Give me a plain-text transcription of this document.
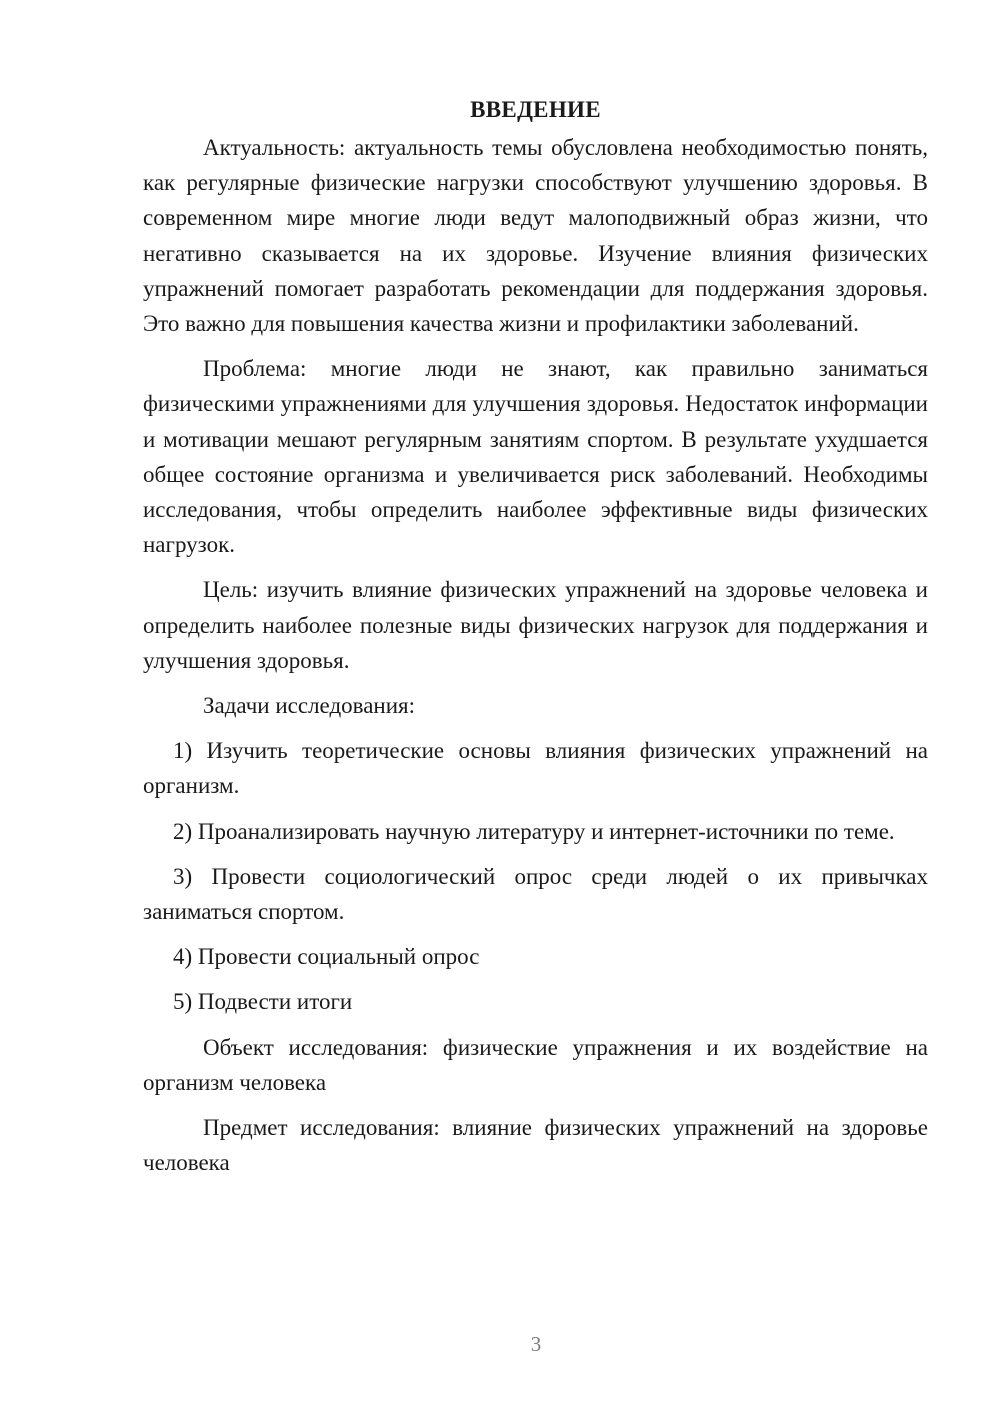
ВВЕДЕНИЕ

Актуальность: актуальность темы обусловлена необходимостью понять, как регулярные физические нагрузки способствуют улучшению здоровья. В современном мире многие люди ведут малоподвижный образ жизни, что негативно сказывается на их здоровье. Изучение влияния физических упражнений помогает разработать рекомендации для поддержания здоровья. Это важно для повышения качества жизни и профилактики заболеваний.

Проблема: многие люди не знают, как правильно заниматься физическими упражнениями для улучшения здоровья. Недостаток информации и мотивации мешают регулярным занятиям спортом. В результате ухудшается общее состояние организма и увеличивается риск заболеваний. Необходимы исследования, чтобы определить наиболее эффективные виды физических нагрузок.

Цель: изучить влияние физических упражнений на здоровье человека и определить наиболее полезные виды физических нагрузок для поддержания и улучшения здоровья.

Задачи исследования:

1) Изучить теоретические основы влияния физических упражнений на организм.

2) Проанализировать научную литературу и интернет-источники по теме.

3) Провести социологический опрос среди людей о их привычках заниматься спортом.

4) Провести социальный опрос

5) Подвести итоги

Объект исследования: физические упражнения и их воздействие на организм человека

Предмет исследования: влияние физических упражнений на здоровье человека

3
